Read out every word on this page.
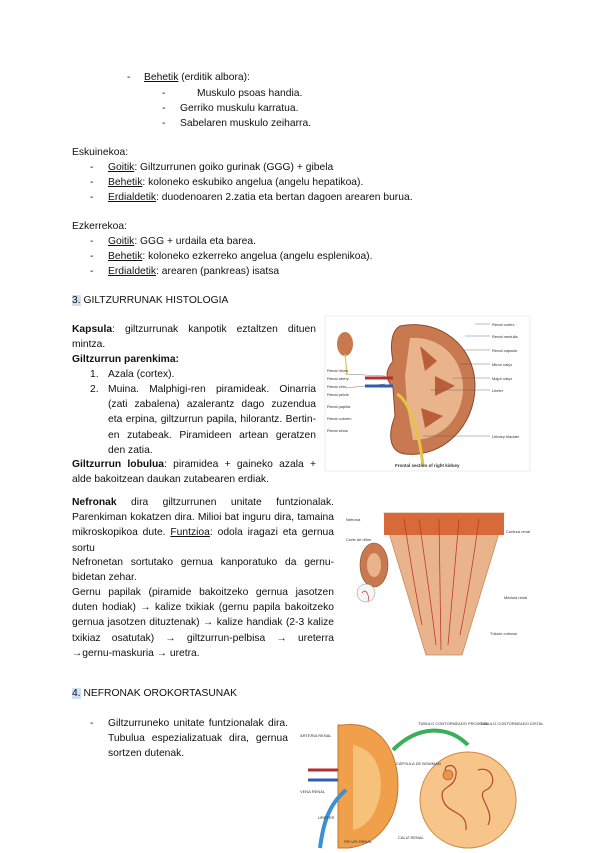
- Behetik (erditik albora):
-	Muskulo psoas handia.
- Gerriko muskulu karratua.
- Sabelaren muskulo zeiharra.
Eskuinekoa:
- Goitik: Giltzurrunen goiko gurinak (GGG) + gibela
- Behetik: koloneko eskubiko angelua (angelu hepatikoa).
- Erdialdetik: duodenoaren 2.zatia eta bertan dagoen arearen burua.
Ezkerrekoa:
- Goitik: GGG + urdaila eta barea.
- Behetik: koloneko ezkerreko angelua (angelu esplenikoa).
- Erdialdetik: arearen (pankreas) isatsa
3. GILTZURRUNAK HISTOLOGIA
Kapsula: giltzurrunak kanpotik eztaltzen dituen mintza.
Giltzurrun parenkima:
1. Azala (cortex).
2. Muina. Malphigi-ren piramideak. Oinarria (zati zabalena) azalerantz dago zuzendua eta erpina, giltzurrun papila, hilorantz. Bertin-en zutabeak. Piramideen artean geratzen den zatia.
Giltzurrun lobulua: piramidea + gaineko azala + alde bakoitzean daukan zutabearen erdiak.
Nefronak dira giltzurrunen unitate funtzionalak. Parenkiman kokatzen dira. Milioi bat inguru dira, tamaina mikroskopikoa dute. Funtzioa: odola iragazi eta gernua sortu
Nefronetan sortutako gernua kanporatuko da gernu-bidetan zehar.
Gernu papilak (piramide bakoitzeko gernua jasotzen duten hodiak) → kalize txikiak (gernu papila bakoitzeko gernua jasotzen dituztenak) → kalize handiak (2-3 kalize txikiaz osatutak) → giltzurrun-pelbisa → ureterra →gernu-maskuria → uretra.
4. NEFRONAK OROKORTASUNAK
- Giltzurruneko unitate funtzionalak dira. Tubulua espezializatuak dira, gernua sortzen dutenak.
Renal cortex
Renal medulla
Renal capsule
Minor calyx
Major calyx
Ureter
Urinary bladder
Renal hilum
Renal artery
Renal vein
Renal pelvis
Renal papilla
Renal column
Renal sinus
Frontal section of right kidney
Nefrona
Corteza renal
Médula renal
Túbulo colector
Corte de riñón
ARTERIA RENAL
VENA RENAL
CÁPSULA DE BOWMAN
TÚBULO CONTORNEADO PROXIMAL
TÚBULO CONTORNEADO DISTAL
URETER
PELVIS RENAL
CALIZ RENAL
